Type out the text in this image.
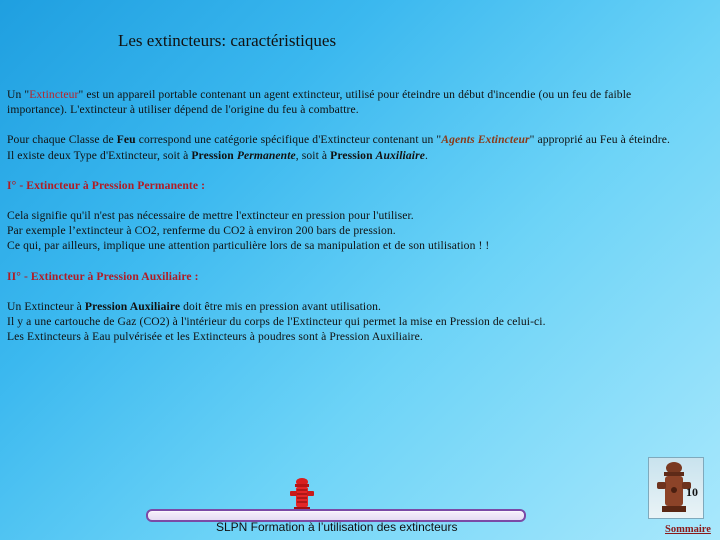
Les extincteurs: caractéristiques

Un "Extincteur" est un appareil portable contenant un agent extincteur, utilisé pour éteindre un début d'incendie (ou un feu de faible importance). L'extincteur à utiliser dépend de l'origine du feu à combattre.

Pour chaque Classe de Feu correspond une catégorie spécifique d'Extincteur contenant un "Agents Extincteur" approprié au Feu à éteindre.
Il existe deux Type d'Extincteur, soit à Pression Permanente, soit à Pression Auxiliaire.

I° - Extincteur à Pression Permanente :

Cela signifie qu'il n'est pas nécessaire de mettre l'extincteur en pression pour l'utiliser.

Par exemple l’extincteur à CO2, renferme du CO2 à environ 200 bars de pression.

Ce qui, par ailleurs, implique une attention particulière lors de sa manipulation et de son utilisation ! !

II° - Extincteur à Pression Auxiliaire :

Un Extincteur à Pression Auxiliaire doit être mis en pression avant utilisation.

Il y a une cartouche de Gaz (CO2) à l'intérieur du corps de l'Extincteur qui permet la mise en Pression de celui-ci.

Les Extincteurs à Eau pulvérisée et les Extincteurs à poudres sont à Pression Auxiliaire.

SLPN Formation à l’utilisation des extincteurs
10
Sommaire
